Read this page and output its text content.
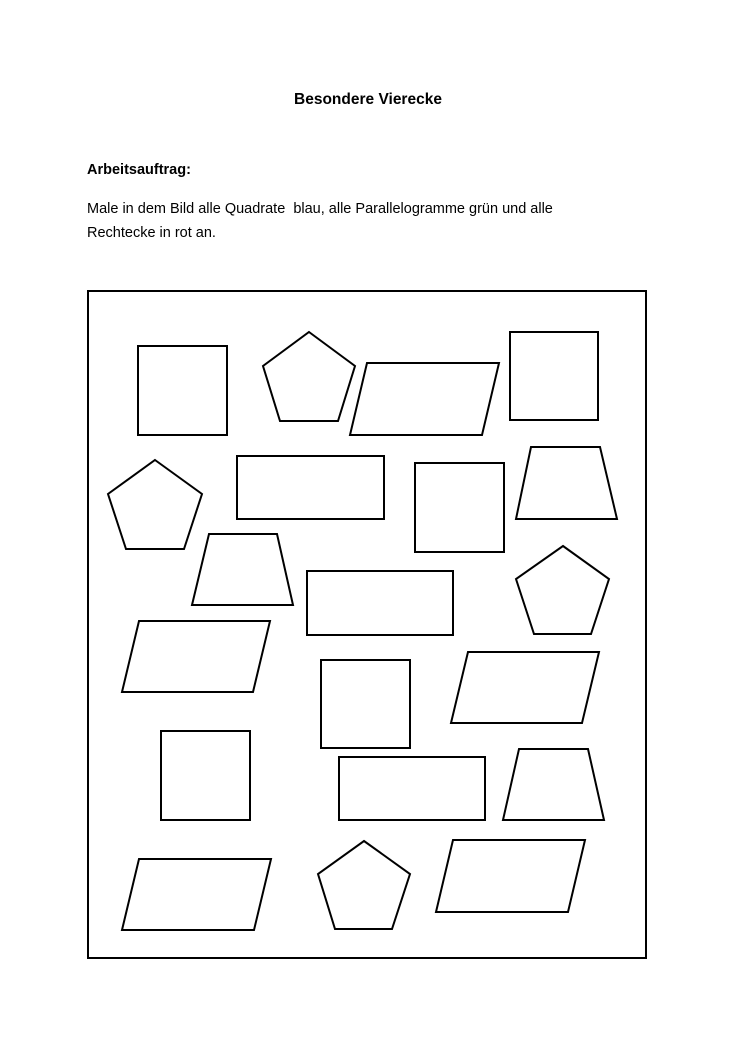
Besondere Vierecke
Arbeitsauftrag:
Male in dem Bild alle Quadrate  blau, alle Parallelogramme grün und alle
Rechtecke in rot an.
